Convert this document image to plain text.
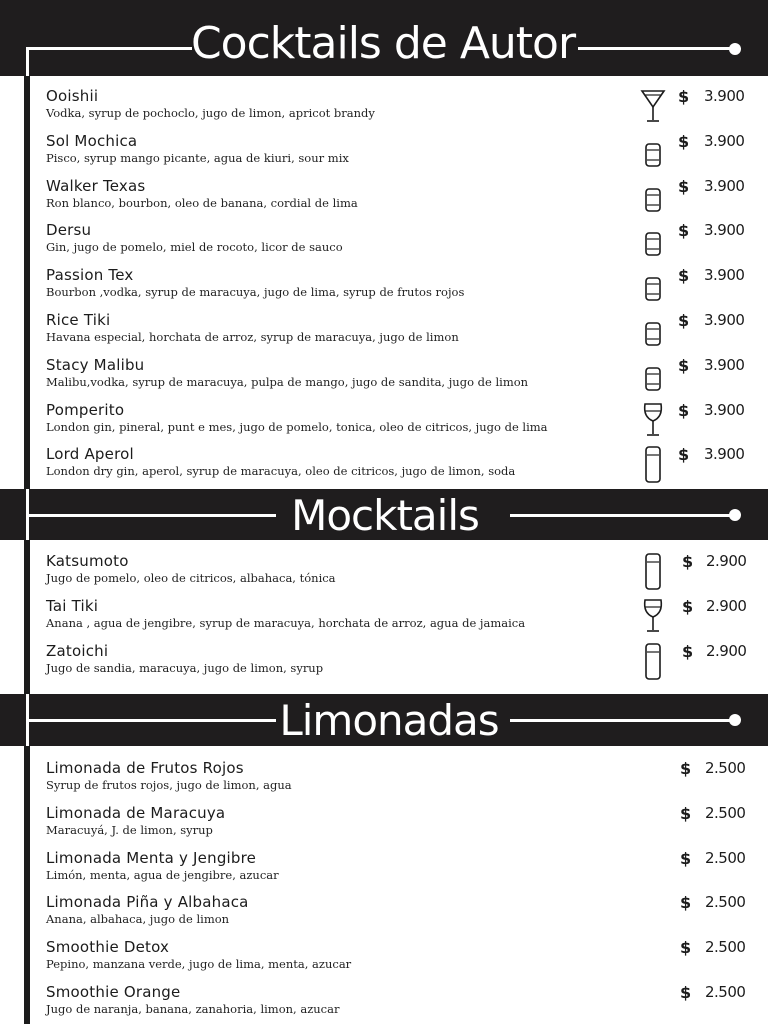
Cocktails de Autor
Mocktails
Limonadas
Ooishii
Vodka, syrup de pochoclo, jugo de limon, apricot brandy
$ 3.900
Sol Mochica
Pisco, syrup mango picante, agua de kiuri, sour mix
$ 3.900
Walker Texas
Ron blanco, bourbon, oleo de banana, cordial de lima
$ 3.900
Dersu
Gin, jugo de pomelo, miel de rocoto, licor de sauco
$ 3.900
Passion Tex
Bourbon ,vodka, syrup de maracuya, jugo de lima, syrup de frutos rojos
$ 3.900
Rice Tiki
Havana especial, horchata de arroz, syrup de maracuya, jugo de limon
$ 3.900
Stacy Malibu
Malibu,vodka, syrup de maracuya, pulpa de mango, jugo de sandita, jugo de limon
$ 3.900
Pomperito
London gin, pineral, punt e mes, jugo de pomelo, tonica, oleo de citricos, jugo de lima
$ 3.900
Lord Aperol
London dry gin, aperol, syrup de maracuya, oleo de citricos, jugo de limon, soda
$ 3.900
Katsumoto
Jugo de pomelo, oleo de citricos, albahaca, tónica
$ 2.900
Tai Tiki
Anana , agua de jengibre, syrup de maracuya, horchata de arroz, agua de jamaica
$ 2.900
Zatoichi
Jugo de sandia, maracuya, jugo de limon, syrup
$ 2.900
Limonada de Frutos Rojos
Syrup de frutos rojos, jugo de limon, agua
$ 2.500
Limonada de Maracuya
Maracuyá, J. de limon, syrup
$ 2.500
Limonada Menta y Jengibre
Limón, menta, agua de jengibre, azucar
$ 2.500
Limonada Piña y Albahaca
Anana, albahaca, jugo de limon
$ 2.500
Smoothie Detox
Pepino, manzana verde, jugo de lima, menta, azucar
$ 2.500
Smoothie Orange
Jugo de naranja, banana, zanahoria, limon, azucar
$ 2.500
